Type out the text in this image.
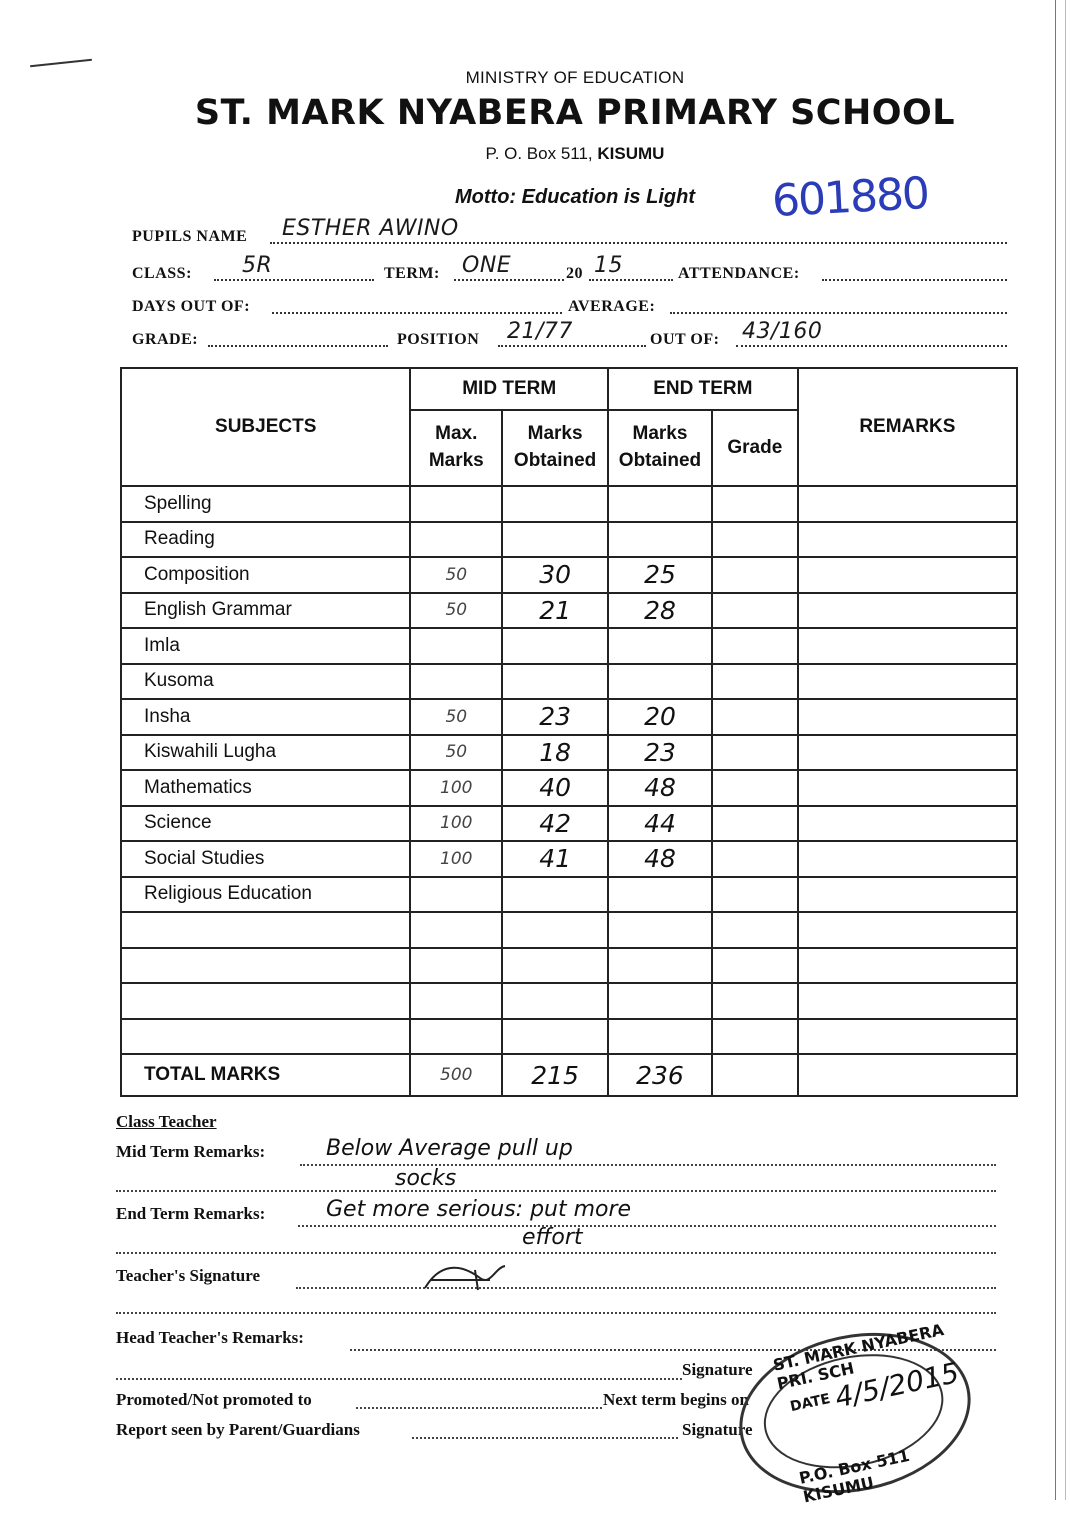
MINISTRY OF EDUCATION
ST. MARK NYABERA PRIMARY SCHOOL
P. O. Box 511, KISUMU
Motto: Education is Light	601880
PUPILS NAME ESTHER AWINO
CLASS: 5R	TERM: ONE	20 15	ATTENDANCE:
DAYS OUT OF:	AVERAGE:
GRADE:	POSITION 21/77	OUT OF: 43/160
SUBJECTS	MID TERM		END TERM		REMARKS
	Max. Marks	Marks Obtained	Marks Obtained	Grade	
Spelling					
Reading					
Composition	50	30	25		
English Grammar	50	21	28		
Imla					
Kusoma					
Insha	50	23	20		
Kiswahili Lugha	50	18	23		
Mathematics	100	40	48		
Science	100	42	44		
Social Studies	100	41	48		
Religious Education					

TOTAL MARKS	500	215	236		
Class Teacher
Mid Term Remarks:	Below Average pull up
socks
End Term Remarks:	Get more serious: put more
effort
Teacher's Signature
Head Teacher's Remarks:
Signature
Promoted/Not promoted to	Next term begins on
Report seen by Parent/Guardians	Signature
ST. MARK NYABERA PRI. SCH
DATE 4/5/2015
P.O. Box 511 KISUMU
